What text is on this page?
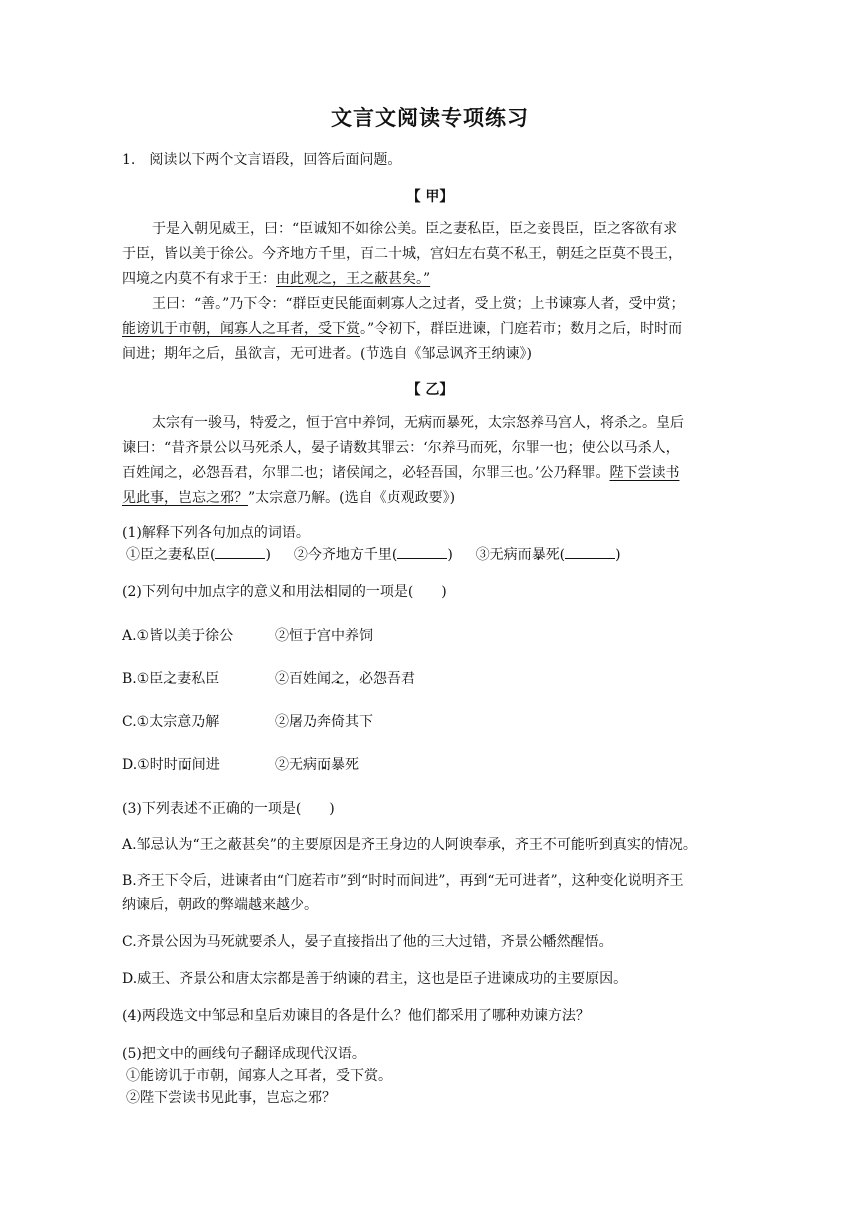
文言文阅读专项练习
1.　阅读以下两个文言语段，回答后面问题。
【 甲】
于是入朝见威王，曰：“臣诚知不如徐公美。臣之妻私臣，臣之妾畏臣，臣之客欲有求
于臣，皆以美于徐公。今齐地方千里，百二十城，宫妇左右莫不私王，朝廷之臣莫不畏王，
四境之内莫不有求于王：由此观之，王之蔽甚矣。”
王曰：“善。”乃下令：“群臣吏民能面刺寡人之过者，受上赏；上书谏寡人者，受中赏；
能谤讥于市朝，闻寡人之耳者，受下赏。”令初下，群臣进谏，门庭若市；数月之后，时时而
间进；期年之后，虽欲言，无可进者。(节选自《邹忌讽齐王纳谏》)
【 乙】
太宗有一骏马，特爱之，恒于宫中养饲，无病而暴死，太宗怒养马宫人，将杀之。皇后
谏曰：“昔齐景公以马死杀人，晏子请数其罪云：‘尔养马而死，尔罪一也；使公以马杀人，
百姓闻之，必怨吾君，尔罪二也；诸侯闻之，必轻吾国，尔罪三也。’公乃释罪。陛下尝读书
见此事，岂忘之邪？”太宗意乃解。(选自《贞观政要》)
(1)解释下列各句加点的词语。
①臣之妻私 •臣(	) ②今齐地方 •千里(	) ③无病而暴 •死(	)
(2)下列句中加点字的意义和用法相 •同 •的一项是(　　)
A.①皆以美于 •徐公	②恒于 •宫中养饲
B.①臣之 •妻私臣	②百姓闻之 •，必怨吾君
C.①太宗意乃 •解	②屠乃 •奔倚其下
D.①时时而 •间进	②无病而 •暴死
(3)下列表述不正确的一项是(　　)
A.邹忌认为“王之蔽甚矣”的主要原因是齐王身边的人阿谀奉承，齐王不可能听到真实的情况。
B.齐王下令后，进谏者由“门庭若市”到“时时而间进”，再到“无可进者”，这种变化说明齐王
纳谏后，朝政的弊端越来越少。
C.齐景公因为马死就要杀人，晏子直接指出了他的三大过错，齐景公幡然醒悟。
D.威王、齐景公和唐太宗都是善于纳谏的君主，这也是臣子进谏成功的主要原因。
(4)两段选文中邹忌和皇后劝谏目的各是什么？他们都采用了哪种劝谏方法？
(5)把文中的画线句子翻译成现代汉语。
①能谤讥于市朝，闻寡人之耳者，受下赏。
②陛下尝读书见此事，岂忘之邪？
